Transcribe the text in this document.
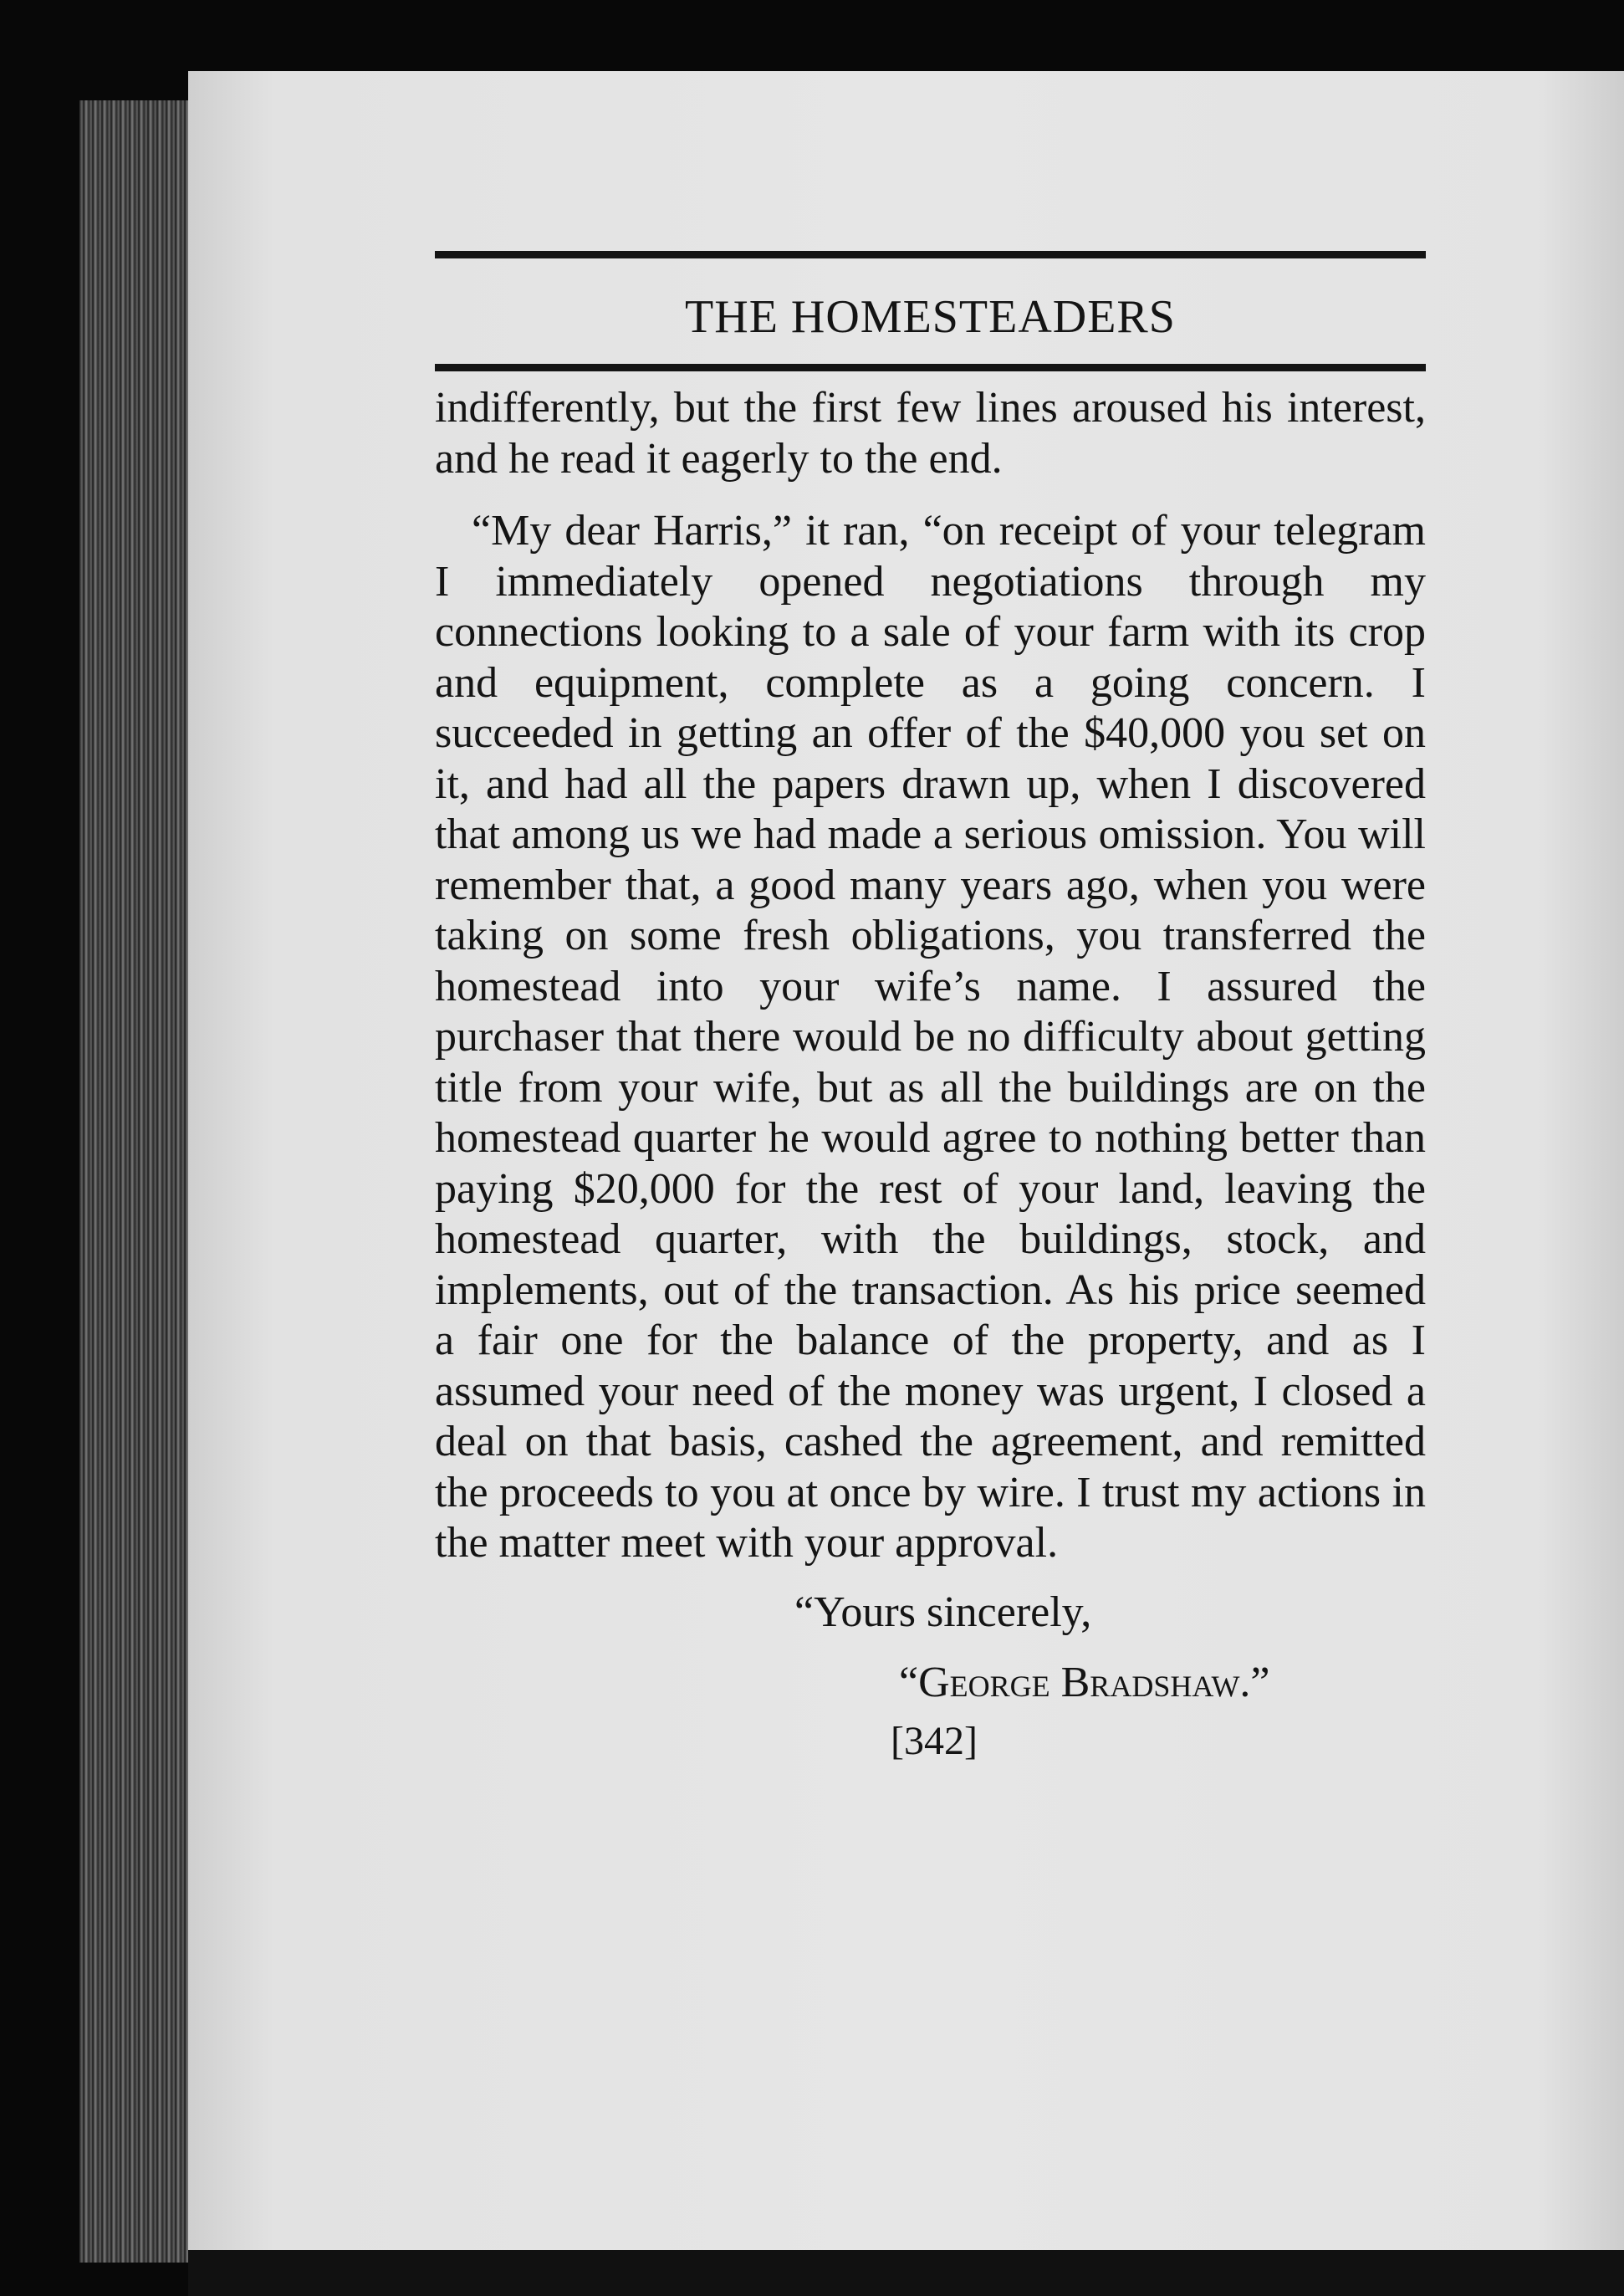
THE HOMESTEADERS

indifferently, but the first few lines aroused his interest, and he read it eagerly to the end.

“My dear Harris,” it ran, “on receipt of your telegram I immediately opened negotiations through my connections looking to a sale of your farm with its crop and equipment, complete as a going concern. I succeeded in getting an offer of the $40,000 you set on it, and had all the papers drawn up, when I discovered that among us we had made a serious omission. You will remember that, a good many years ago, when you were taking on some fresh obligations, you transferred the homestead into your wife’s name. I assured the purchaser that there would be no difficulty about getting title from your wife, but as all the buildings are on the homestead quarter he would agree to nothing better than paying $20,000 for the rest of your land, leaving the homestead quarter, with the buildings, stock, and implements, out of the transaction. As his price seemed a fair one for the balance of the property, and as I assumed your need of the money was urgent, I closed a deal on that basis, cashed the agreement, and remitted the proceeds to you at once by wire. I trust my actions in the matter meet with your approval.

“Yours sincerely,
“George Bradshaw.”
[342]
